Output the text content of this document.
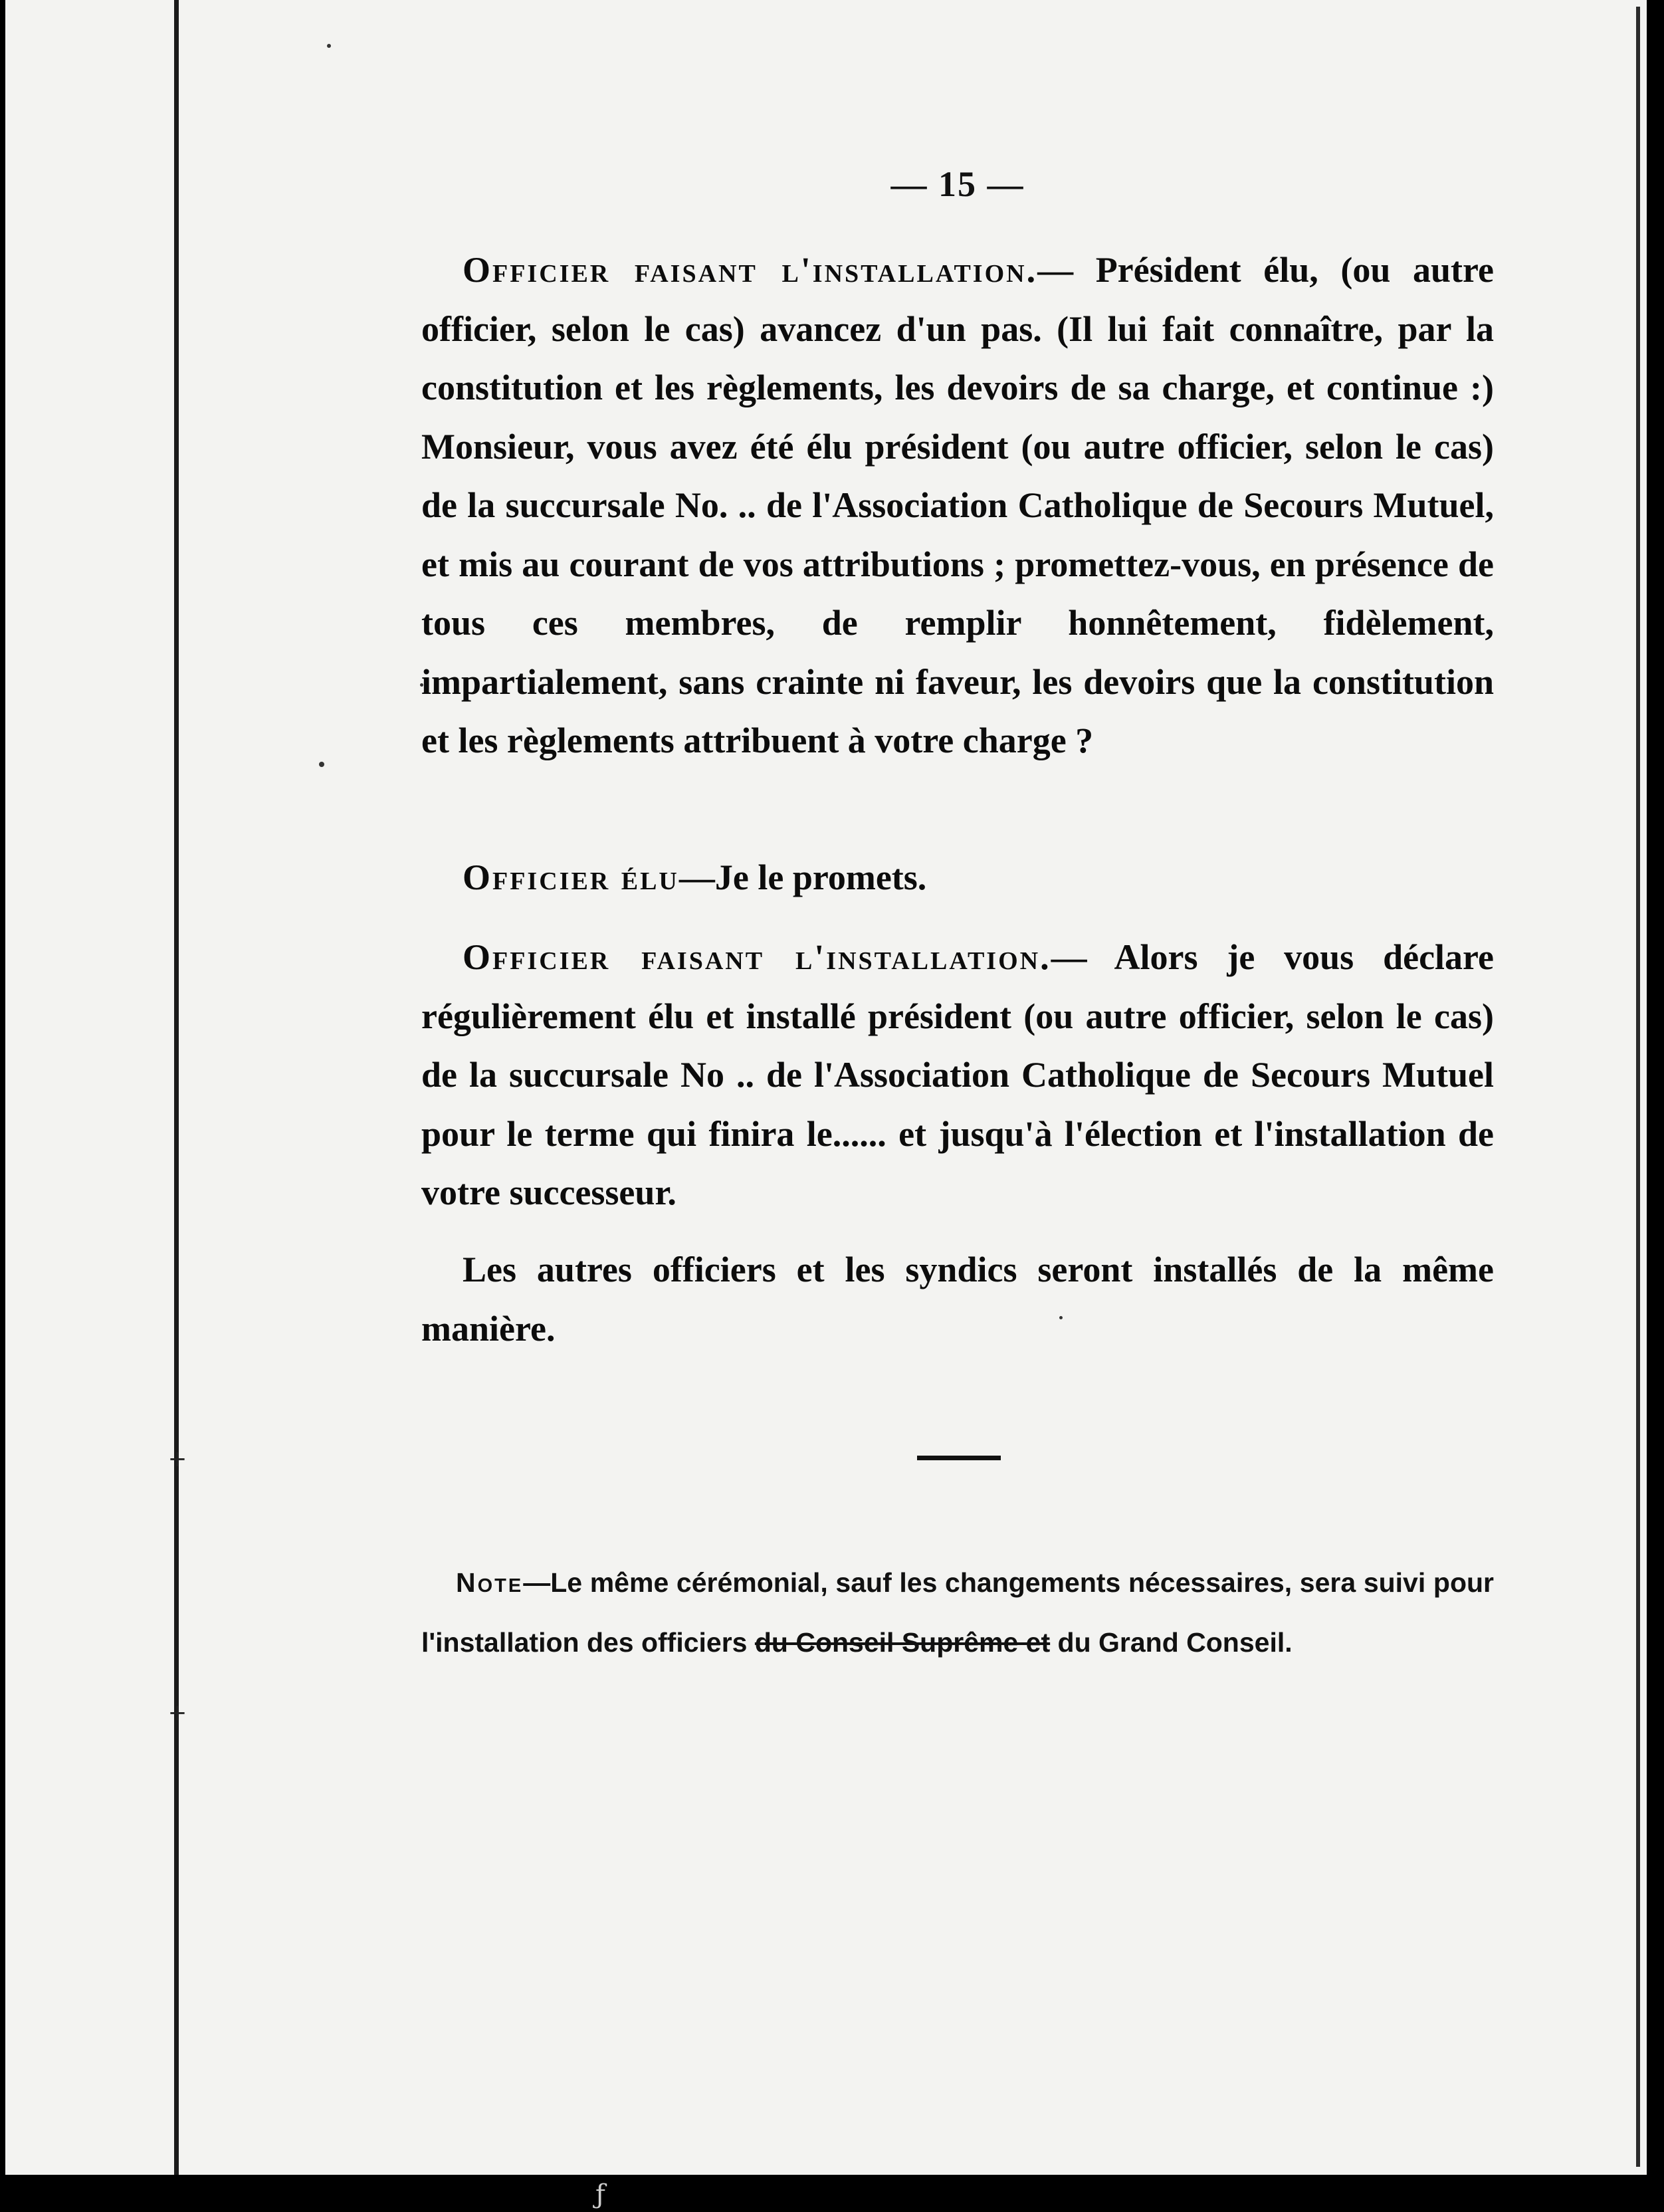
+
+
— 15 —

Officier faisant l'installation.— Président élu, (ou autre officier, selon le cas) avancez d'un pas. (Il lui fait connaître, par la constitution et les règlements, les devoirs de sa charge, et continue :) Monsieur, vous avez été élu président (ou autre officier, selon le cas) de la succursale No. .. de l'Association Catholique de Secours Mutuel, et mis au courant de vos attributions ; promettez-vous, en présence de tous ces membres, de remplir honnêtement, fidèlement, impartialement, sans crainte ni faveur, les devoirs que la constitution et les règlements attribuent à votre charge ?

Officier élu—Je le promets.

Officier faisant l'installation.— Alors je vous déclare régulièrement élu et installé président (ou autre officier, selon le cas) de la succursale No .. de l'Association Catholique de Secours Mutuel pour le terme qui finira le...... et jusqu'à l'élection et l'installation de votre successeur.

Les autres officiers et les syndics seront installés de la même manière.

Note—Le même cérémonial, sauf les changements nécessaires, sera suivi pour l'installation des officiers du Conseil Suprême et du Grand Conseil.

ƒ
